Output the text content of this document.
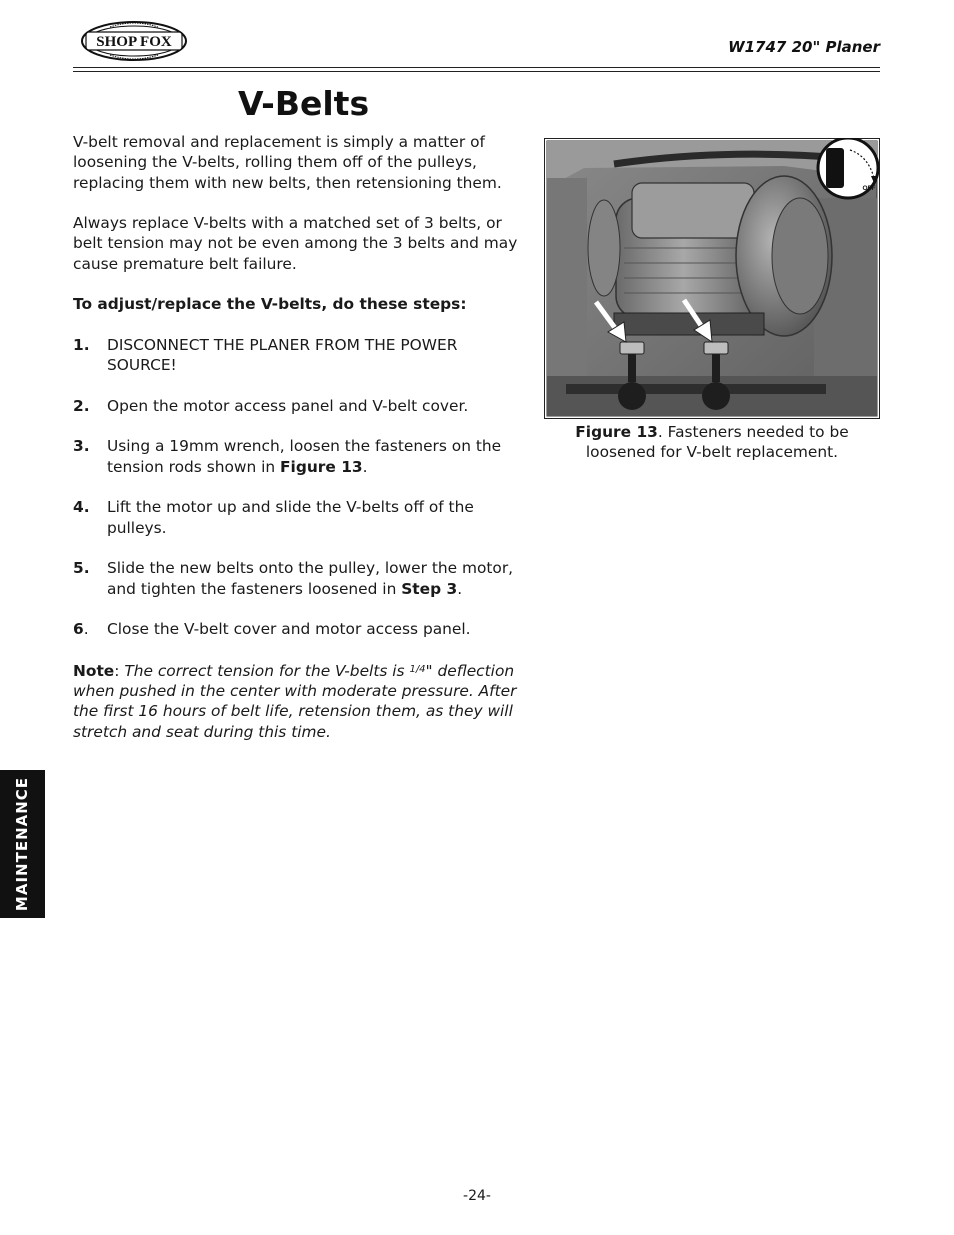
SHOP FOX	W1747 20" Planer
V-Belts

V-belt removal and replacement is simply a matter of loosening the V-belts, rolling them off of the pulleys, replacing them with new belts, then retensioning them.

Always replace V-belts with a matched set of 3 belts, or belt tension may not be even among the 3 belts and may cause premature belt failure.

To adjust/replace the V-belts, do these steps:

1.	DISCONNECT THE PLANER FROM THE POWER SOURCE!
2.	Open the motor access panel and V-belt cover.
3.	Using a 19mm wrench, loosen the fasteners on the tension rods shown in Figure 13.
4.	Lift the motor up and slide the V-belts off of the pulleys.
5.	Slide the new belts onto the pulley, lower the motor, and tighten the fasteners loosened in Step 3.
6.	Close the V-belt cover and motor access panel.

Note: The correct tension for the V-belts is $^{1/4}$" deflection when pushed in the center with moderate pressure. After the first 16 hours of belt life, retension them, as they will stretch and seat during this time.

OFF
Figure 13. Fasteners needed to be loosened for V-belt replacement.
MAINTENANCE
-24-
